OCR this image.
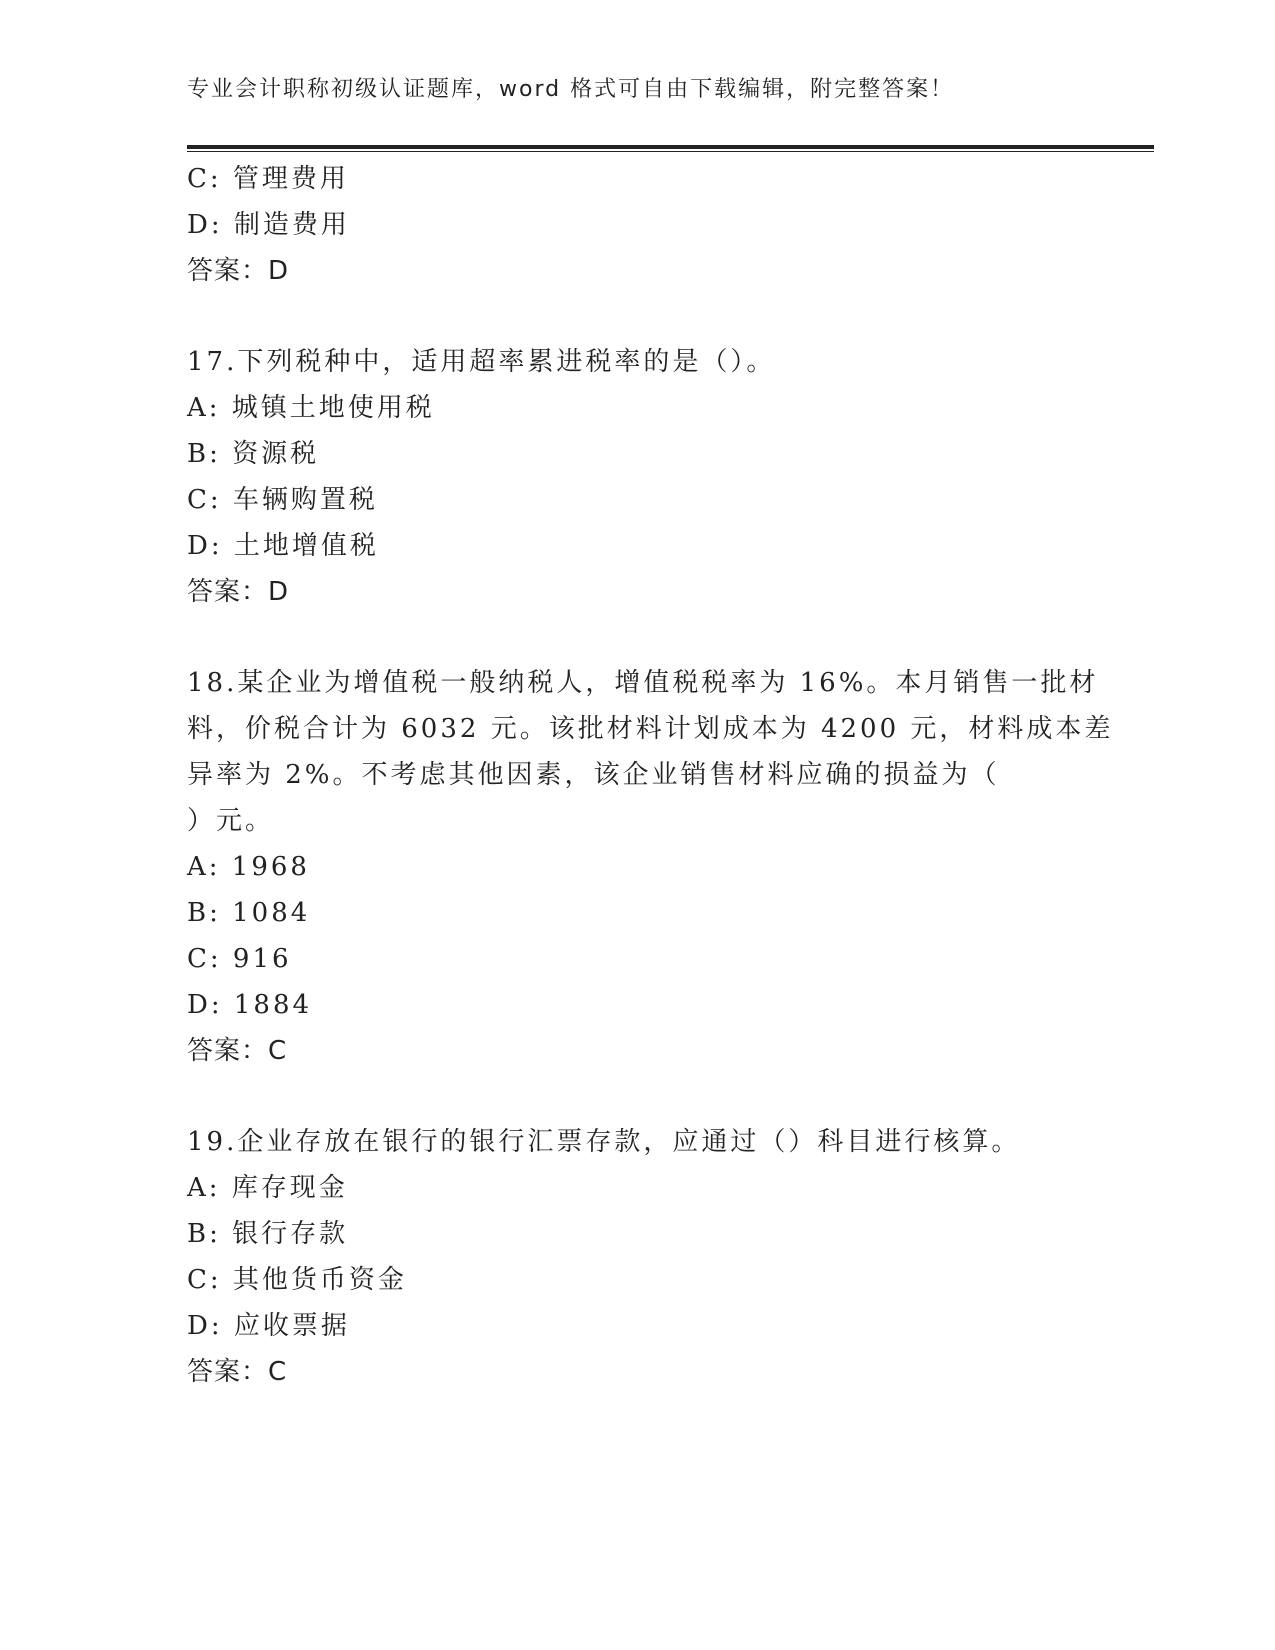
专业会计职称初级认证题库，word 格式可自由下载编辑，附完整答案！
C: 管理费用
D: 制造费用
答案：D
17.下列税种中，适用超率累进税率的是（）。
A: 城镇土地使用税
B: 资源税
C: 车辆购置税
D: 土地增值税
答案：D
18.某企业为增值税一般纳税人，增值税税率为 16%。本月销售一批材
料，价税合计为 6032 元。该批材料计划成本为 4200 元，材料成本差
异率为 2%。不考虑其他因素，该企业销售材料应确的损益为（
）元。
A: 1968
B: 1084
C: 916
D: 1884
答案：C
19.企业存放在银行的银行汇票存款，应通过（）科目进行核算。
A: 库存现金
B: 银行存款
C: 其他货币资金
D: 应收票据
答案：C
